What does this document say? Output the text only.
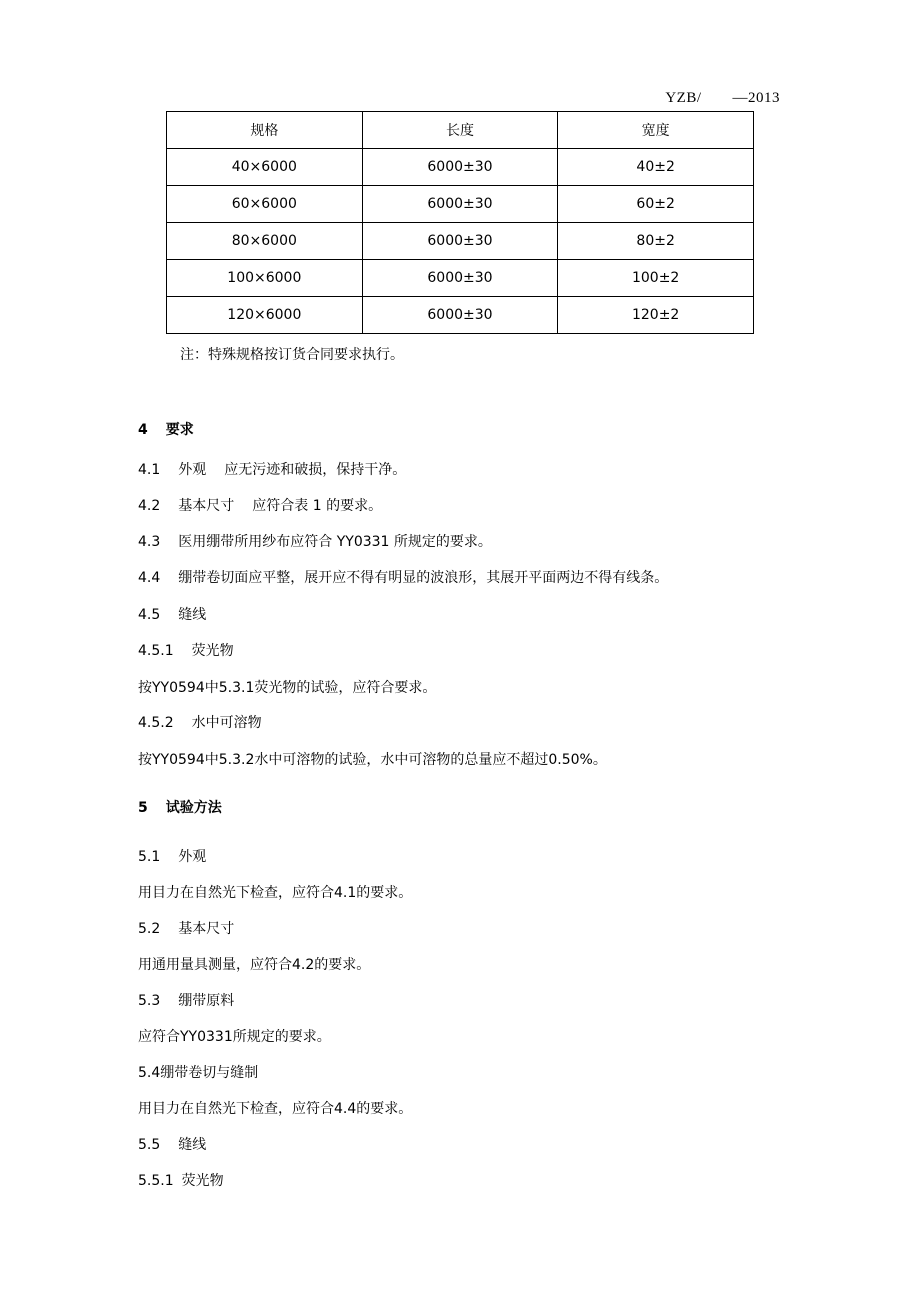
YZB/　　—2013
规格	长度	宽度
40×6000	6000±30	40±2
60×6000	6000±30	60±2
80×6000	6000±30	80±2
100×6000	6000±30	100±2
120×6000	6000±30	120±2
注：特殊规格按订货合同要求执行。
4 要求
4.1 外观 应无污迹和破损，保持干净。
4.2 基本尺寸 应符合表 1 的要求。
4.3 医用绷带所用纱布应符合 YY0331 所规定的要求。
4.4 绷带卷切面应平整，展开应不得有明显的波浪形，其展开平面两边不得有线条。
4.5 缝线
4.5.1 荧光物
按YY0594中5.3.1荧光物的试验，应符合要求。
4.5.2 水中可溶物
按YY0594中5.3.2水中可溶物的试验，水中可溶物的总量应不超过0.50%。
5 试验方法
5.1 外观
用目力在自然光下检查，应符合4.1的要求。
5.2 基本尺寸
用通用量具测量，应符合4.2的要求。
5.3 绷带原料
应符合YY0331所规定的要求。
5.4绷带卷切与缝制
用目力在自然光下检查，应符合4.4的要求。
5.5 缝线
5.5.1 荧光物
